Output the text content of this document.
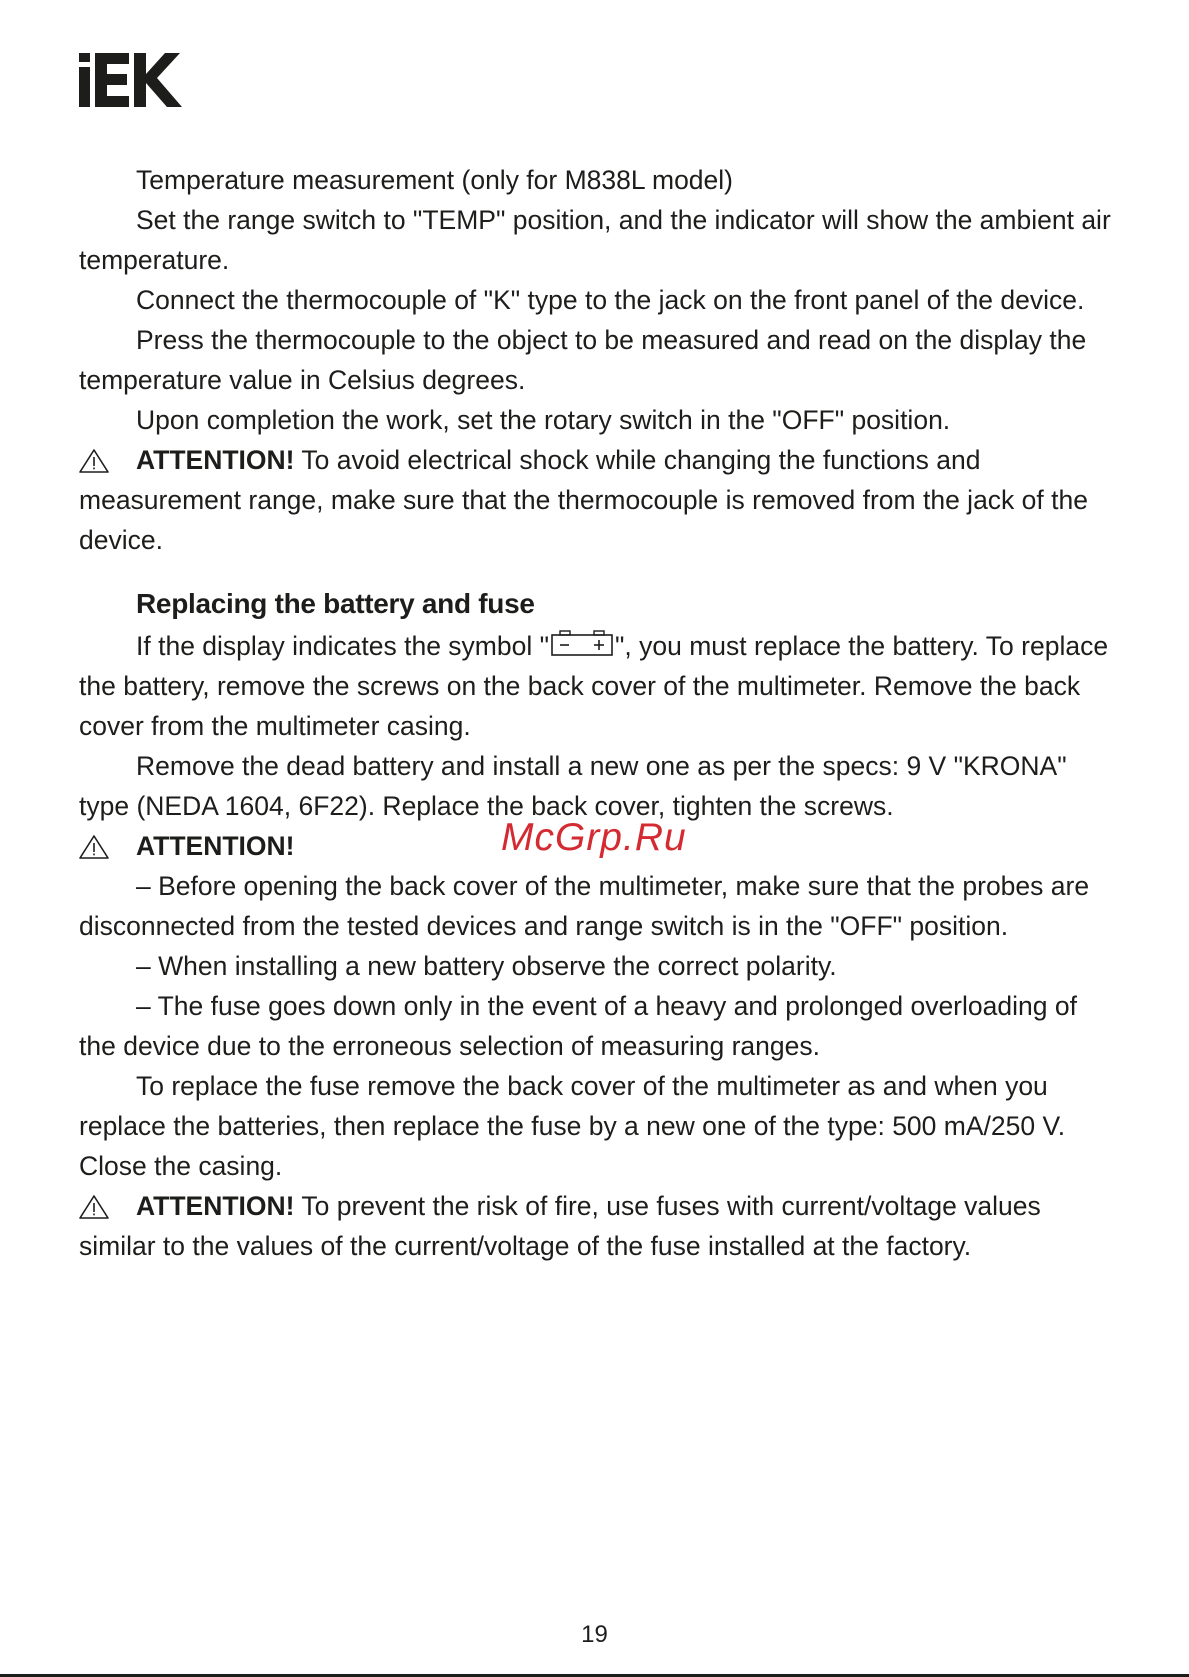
Temperature measurement (only for M838L model)

Set the range switch to "TEMP" position, and the indicator will show the ambient air temperature.

Connect the thermocouple of "K" type to the jack on the front panel of the device.

Press the thermocouple to the object to be measured and read on the display the temperature value in Celsius degrees.

Upon completion the work, set the rotary switch in the "OFF" position.

ATTENTION! To avoid electrical shock while changing the functions and measurement range, make sure that the thermocouple is removed from the jack of the device.

Replacing the battery and fuse

If the display indicates the symbol " ", you must replace the battery. To replace the battery, remove the screws on the back cover of the multimeter. Remove the back cover from the multimeter casing.

Remove the dead battery and install a new one as per the specs: 9 V "KRONA" type (NEDA 1604, 6F22). Replace the back cover, tighten the screws.

ATTENTION!

– Before opening the back cover of the multimeter, make sure that the probes are disconnected from the tested devices and range switch is in the "OFF" position.

– When installing a new battery observe the correct polarity.

– The fuse goes down only in the event of a heavy and prolonged overloading of the device due to the erroneous selection of measuring ranges.

To replace the fuse remove the back cover of the multimeter as and when you replace the batteries, then replace the fuse by a new one of the type: 500 mA/250 V. Close the casing.

ATTENTION! To prevent the risk of fire, use fuses with current/voltage values similar to the values of the current/voltage of the fuse installed at the factory.

McGrp.Ru
19
